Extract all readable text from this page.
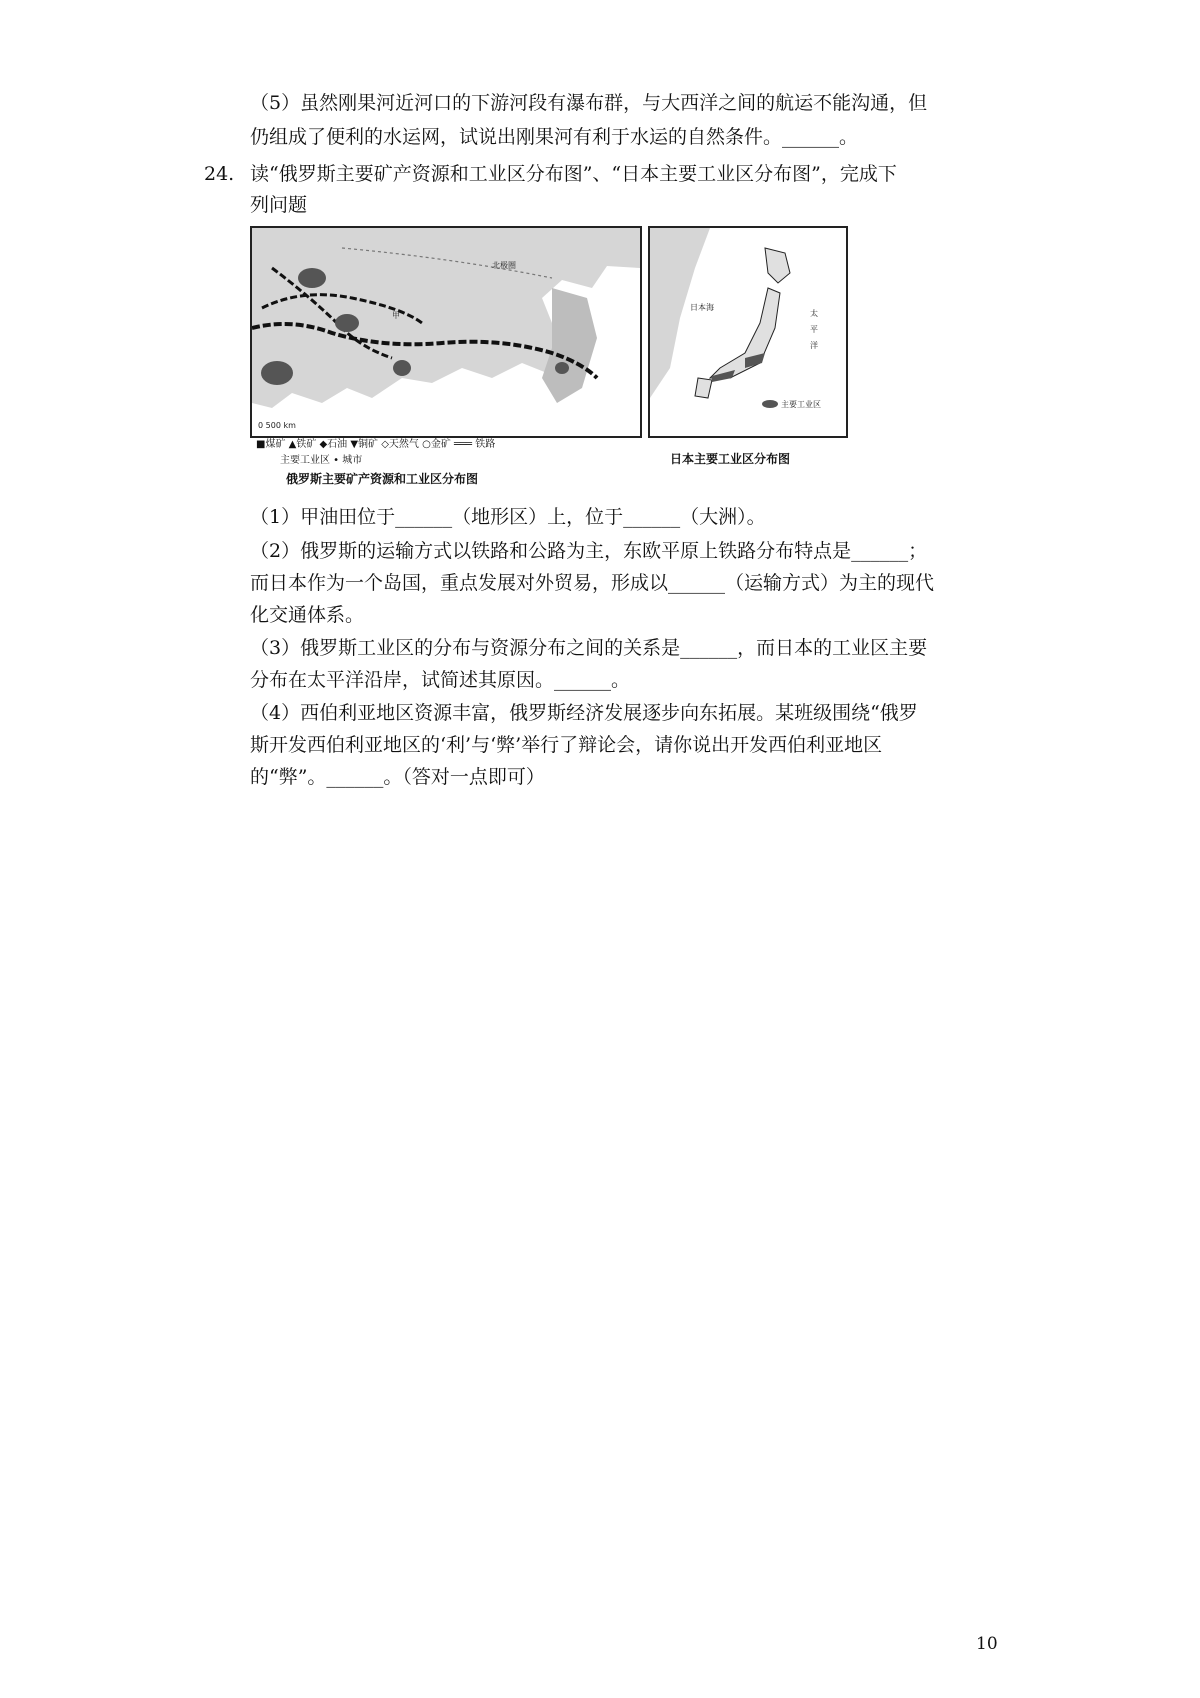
（5）虽然刚果河近河口的下游河段有瀑布群，与大西洋之间的航运不能沟通，但
仍组成了便利的水运网，试说出刚果河有利于水运的自然条件。______。
24. 读“俄罗斯主要矿产资源和工业区分布图”、“日本主要工业区分布图”，完成下
列问题
甲
北极圈
0 500 km
日本海
太
平
洋
主要工业区
■煤矿 ▲铁矿 ◆石油 ▼铜矿 ◇天然气 ○金矿 ═══ 铁路
主要工业区 • 城市
俄罗斯主要矿产资源和工业区分布图
日本主要工业区分布图
（1）甲油田位于______（地形区）上，位于______（大洲）。
（2）俄罗斯的运输方式以铁路和公路为主，东欧平原上铁路分布特点是______；
而日本作为一个岛国，重点发展对外贸易，形成以______（运输方式）为主的现代
化交通体系。
（3）俄罗斯工业区的分布与资源分布之间的关系是______，而日本的工业区主要
分布在太平洋沿岸，试简述其原因。______。
（4）西伯利亚地区资源丰富，俄罗斯经济发展逐步向东拓展。某班级围绕“俄罗
斯开发西伯利亚地区的‘利’与‘弊’举行了辩论会，请你说出开发西伯利亚地区
的“弊”。______。（答对一点即可）
10
